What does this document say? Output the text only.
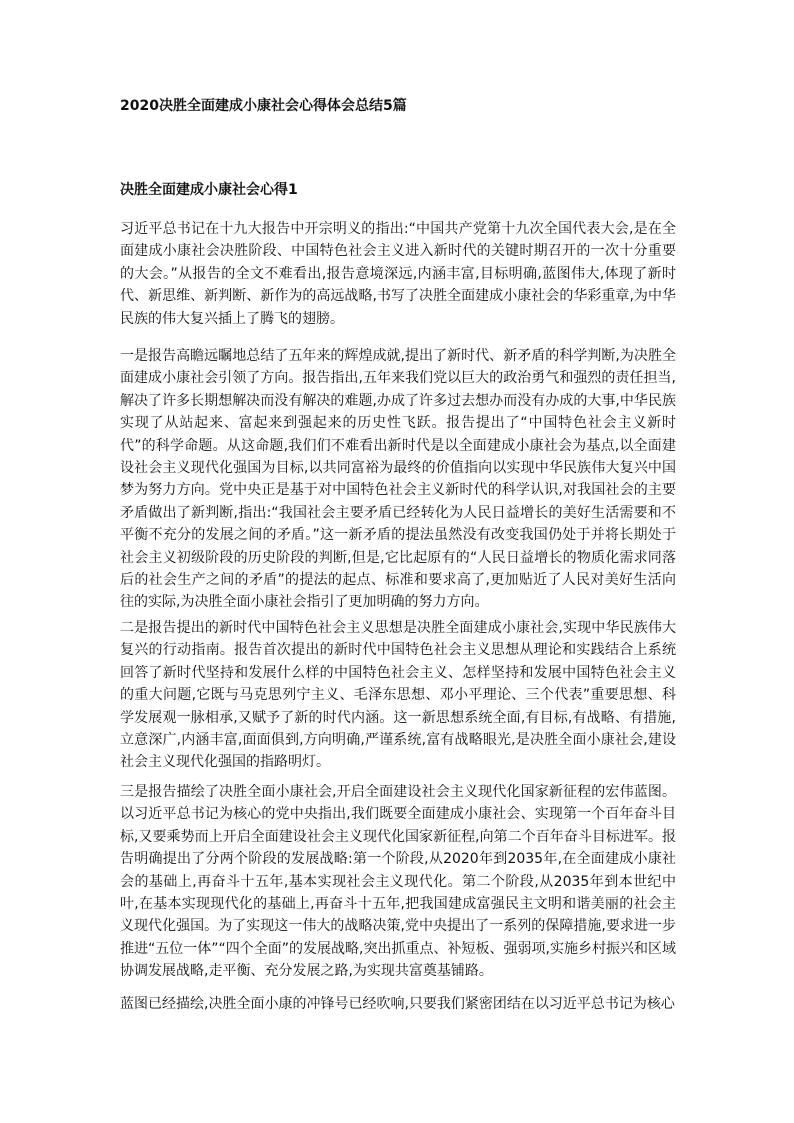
2020决胜全面建成小康社会心得体会总结5篇
决胜全面建成小康社会心得1

习近平总书记在十九大报告中开宗明义的指出:“中国共产党第十九次全国代表大会,是在全面建成小康社会决胜阶段、中国特色社会主义进入新时代的关键时期召开的一次十分重要的大会。”从报告的全文不难看出,报告意境深远,内涵丰富,目标明确,蓝图伟大,体现了新时代、新思维、新判断、新作为的高远战略,书写了决胜全面建成小康社会的华彩重章,为中华民族的伟大复兴插上了腾飞的翅膀。

一是报告高瞻远瞩地总结了五年来的辉煌成就,提出了新时代、新矛盾的科学判断,为决胜全面建成小康社会引领了方向。报告指出,五年来我们党以巨大的政治勇气和强烈的责任担当,解决了许多长期想解决而没有解决的难题,办成了许多过去想办而没有办成的大事,中华民族实现了从站起来、富起来到强起来的历史性飞跃。报告提出了“中国特色社会主义新时代”的科学命题。从这命题,我们们不难看出新时代是以全面建成小康社会为基点,以全面建设社会主义现代化强国为目标,以共同富裕为最终的价值指向以实现中华民族伟大复兴中国梦为努力方向。党中央正是基于对中国特色社会主义新时代的科学认识,对我国社会的主要矛盾做出了新判断,指出:“我国社会主要矛盾已经转化为人民日益增长的美好生活需要和不平衡不充分的发展之间的矛盾。”这一新矛盾的提法虽然没有改变我国仍处于并将长期处于社会主义初级阶段的历史阶段的判断,但是,它比起原有的“人民日益增长的物质化需求同落后的社会生产之间的矛盾”的提法的起点、标准和要求高了,更加贴近了人民对美好生活向往的实际,为决胜全面小康社会指引了更加明确的努力方向。

二是报告提出的新时代中国特色社会主义思想是决胜全面建成小康社会,实现中华民族伟大复兴的行动指南。报告首次提出的新时代中国特色社会主义思想从理论和实践结合上系统回答了新时代坚持和发展什么样的中国特色社会主义、怎样坚持和发展中国特色社会主义的重大问题,它既与马克思列宁主义、毛泽东思想、邓小平理论、三个代表”重要思想、科学发展观一脉相承,又赋予了新的时代内涵。这一新思想系统全面,有目标,有战略、有措施,立意深广,内涵丰富,面面俱到,方向明确,严谨系统,富有战略眼光,是决胜全面小康社会,建设社会主义现代化强国的指路明灯。

三是报告描绘了决胜全面小康社会,开启全面建设社会主义现代化国家新征程的宏伟蓝图。以习近平总书记为核心的党中央指出,我们既要全面建成小康社会、实现第一个百年奋斗目标,又要乘势而上开启全面建设社会主义现代化国家新征程,向第二个百年奋斗目标进军。报告明确提出了分两个阶段的发展战略:第一个阶段,从2020年到2035年,在全面建成小康社会的基础上,再奋斗十五年,基本实现社会主义现代化。第二个阶段,从2035年到本世纪中叶,在基本实现现代化的基础上,再奋斗十五年,把我国建成富强民主文明和谐美丽的社会主义现代化强国。为了实现这一伟大的战略决策,党中央提出了一系列的保障措施,要求进一步推进“五位一体”“四个全面”的发展战略,突出抓重点、补短板、强弱项,实施乡村振兴和区域协调发展战略,走平衡、充分发展之路,为实现共富奠基铺路。

蓝图已经描绘,决胜全面小康的冲锋号已经吹响,只要我们紧密团结在以习近平总书记为核心
